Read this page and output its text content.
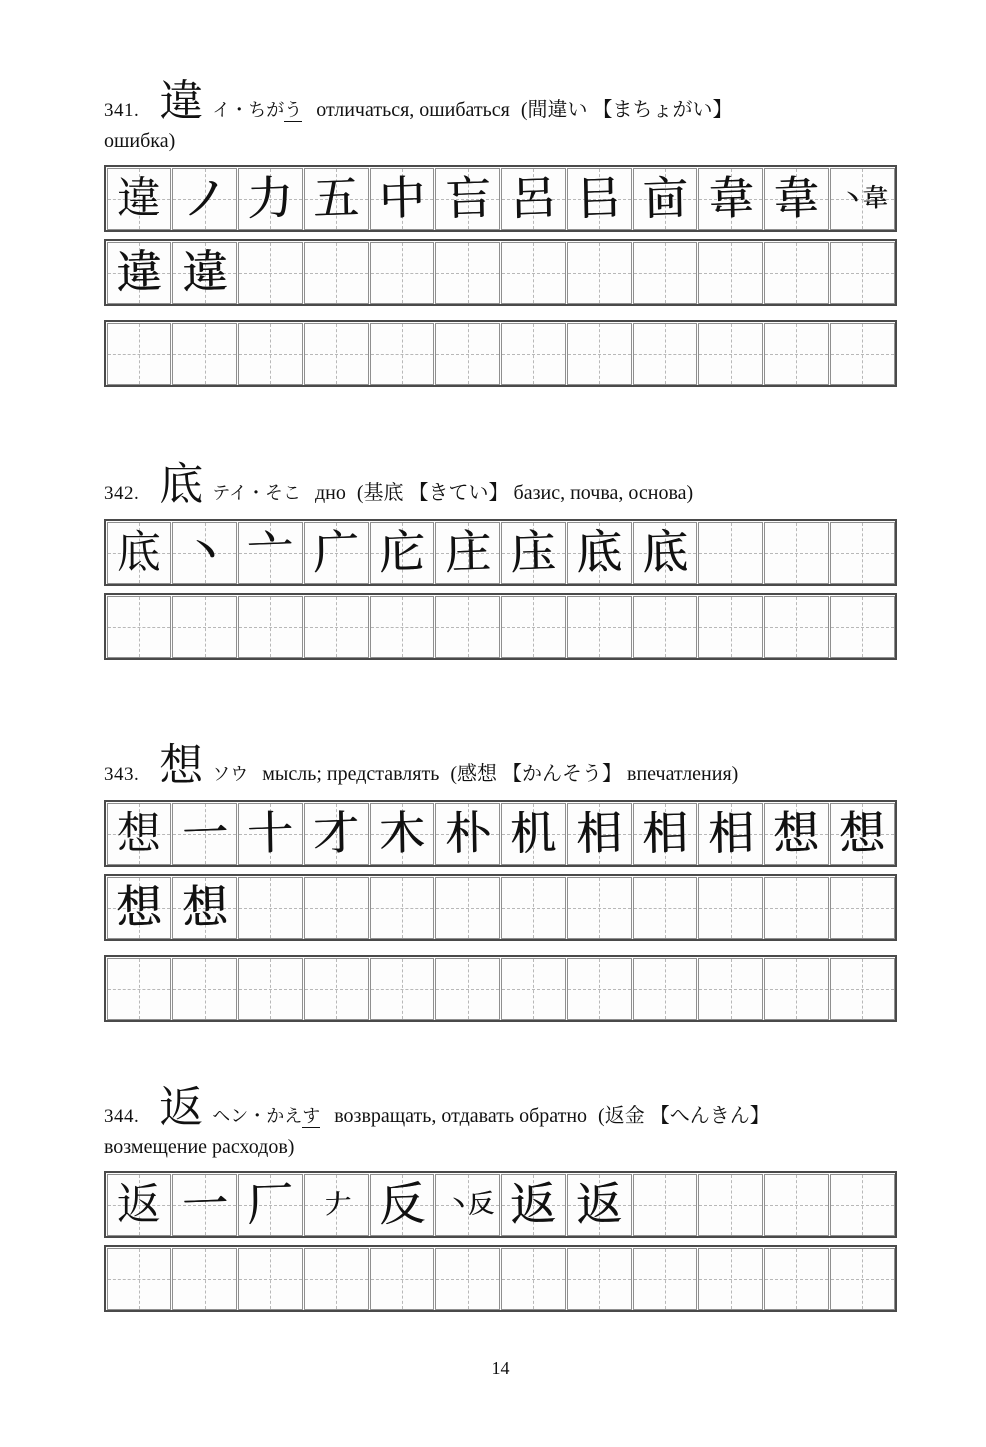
341. 違 イ・ちがう отличаться, ошибаться (間違い 【まちょがい】
ошибка)
違 ノ 力 五 中 吂 呂 㠯 㐭 韋 韋 丶韋
違 違
342. 底 テイ・そこ дно (基底 【きてい】 базис, почва, основа)
底 丶 亠 广 庀 庄 庒 底 底
343. 想 ソウ мысль; представлять (感想 【かんそう】 впечатления)
想 一 十 才 木 朴 机 相 相 相 想 想
想 想
344. 返 ヘン・かえす возвращать, отдавать обратно (返金 【へんきん】
возмещение расходов)
返 一 厂 𠂇 反 丶反 返 返
14
